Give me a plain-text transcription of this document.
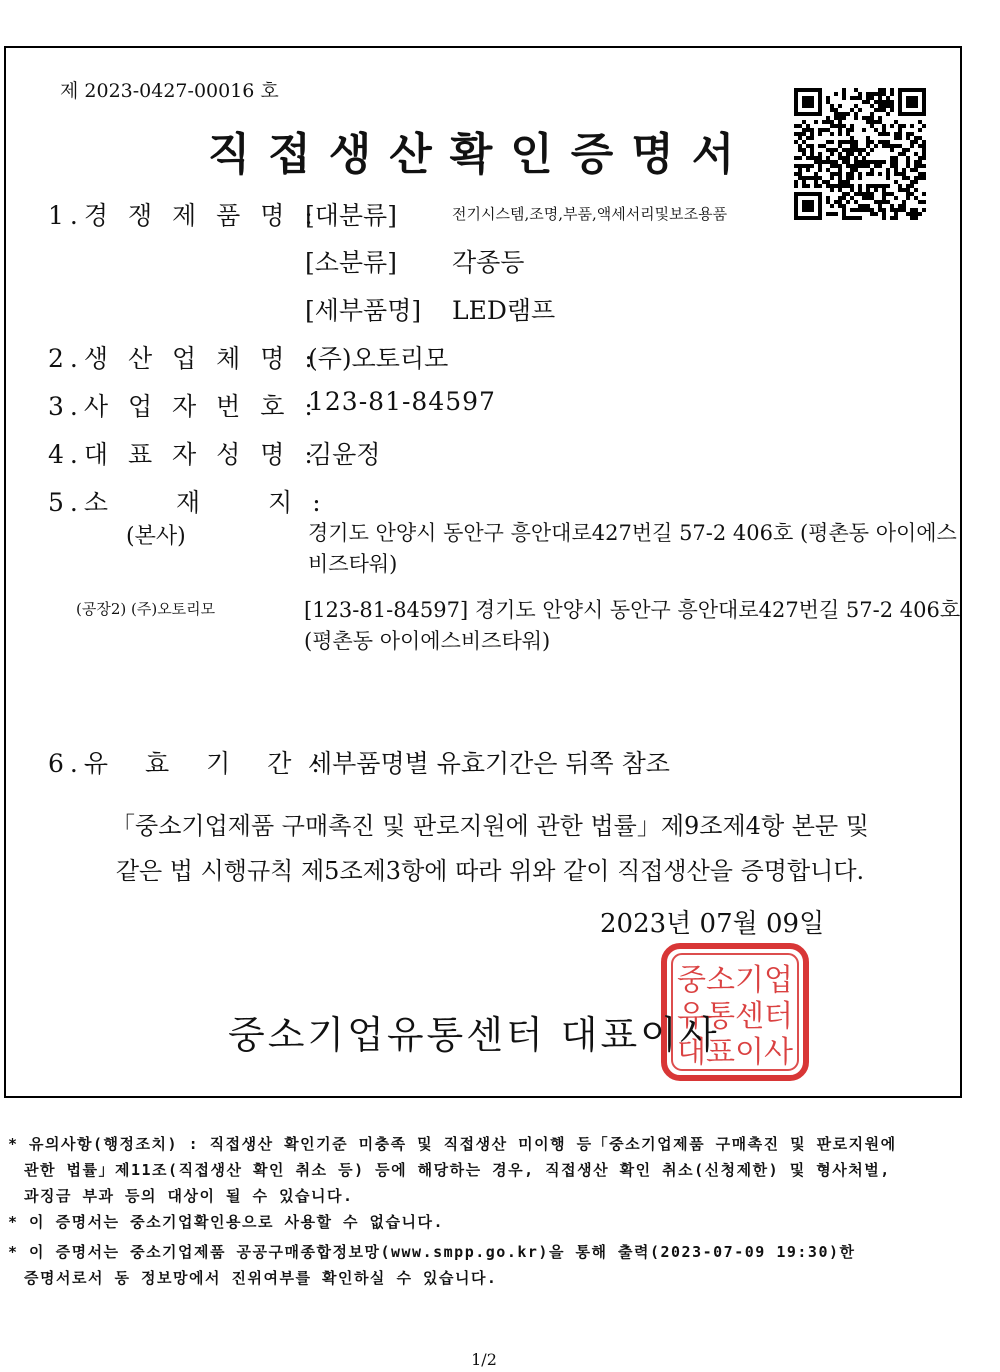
제 2023-0427-00016 호
직접생산확인증명서
1.경 쟁 제 품 명 :
[대분류]	전기시스템,조명,부품,액세서리및보조용품
[소분류] 각종등
[세부품명] LED램프
2.생 산 업 체 명 :
(주)오토리모
3.사 업 자 번 호 :
123-81-84597
4.대 표 자 성 명 :
김윤정
5.소　　재　　지 :
(본사)	경기도 안양시 동안구 흥안대로427번길 57-2 406호 (평촌동 아이에스비즈타워)
(공장2) (주)오토리모	[123-81-84597] 경기도 안양시 동안구 흥안대로427번길 57-2 406호 (평촌동 아이에스비즈타워)
6.유　효　기　간 :
세부품명별 유효기간은 뒤쪽 참조
「중소기업제품 구매촉진 및 판로지원에 관한 법률」제9조제4항 본문 및
같은 법 시행규칙 제5조제3항에 따라 위와 같이 직접생산을 증명합니다.
2023년 07월 09일
중소기업
유통센터
대표이사
중소기업유통센터 대표이사
* 유의사항(행정조치) : 직접생산 확인기준 미충족 및 직접생산 미이행 등「중소기업제품 구매촉진 및 판로지원에
관한 법률」제11조(직접생산 확인 취소 등) 등에 해당하는 경우, 직접생산 확인 취소(신청제한) 및 형사처벌,
과징금 부과 등의 대상이 될 수 있습니다.
* 이 증명서는 중소기업확인용으로 사용할 수 없습니다.
* 이 증명서는 중소기업제품 공공구매종합정보망(www.smpp.go.kr)을 통해 출력(2023-07-09 19:30)한
증명서로서 동 정보망에서 진위여부를 확인하실 수 있습니다.
1/2
